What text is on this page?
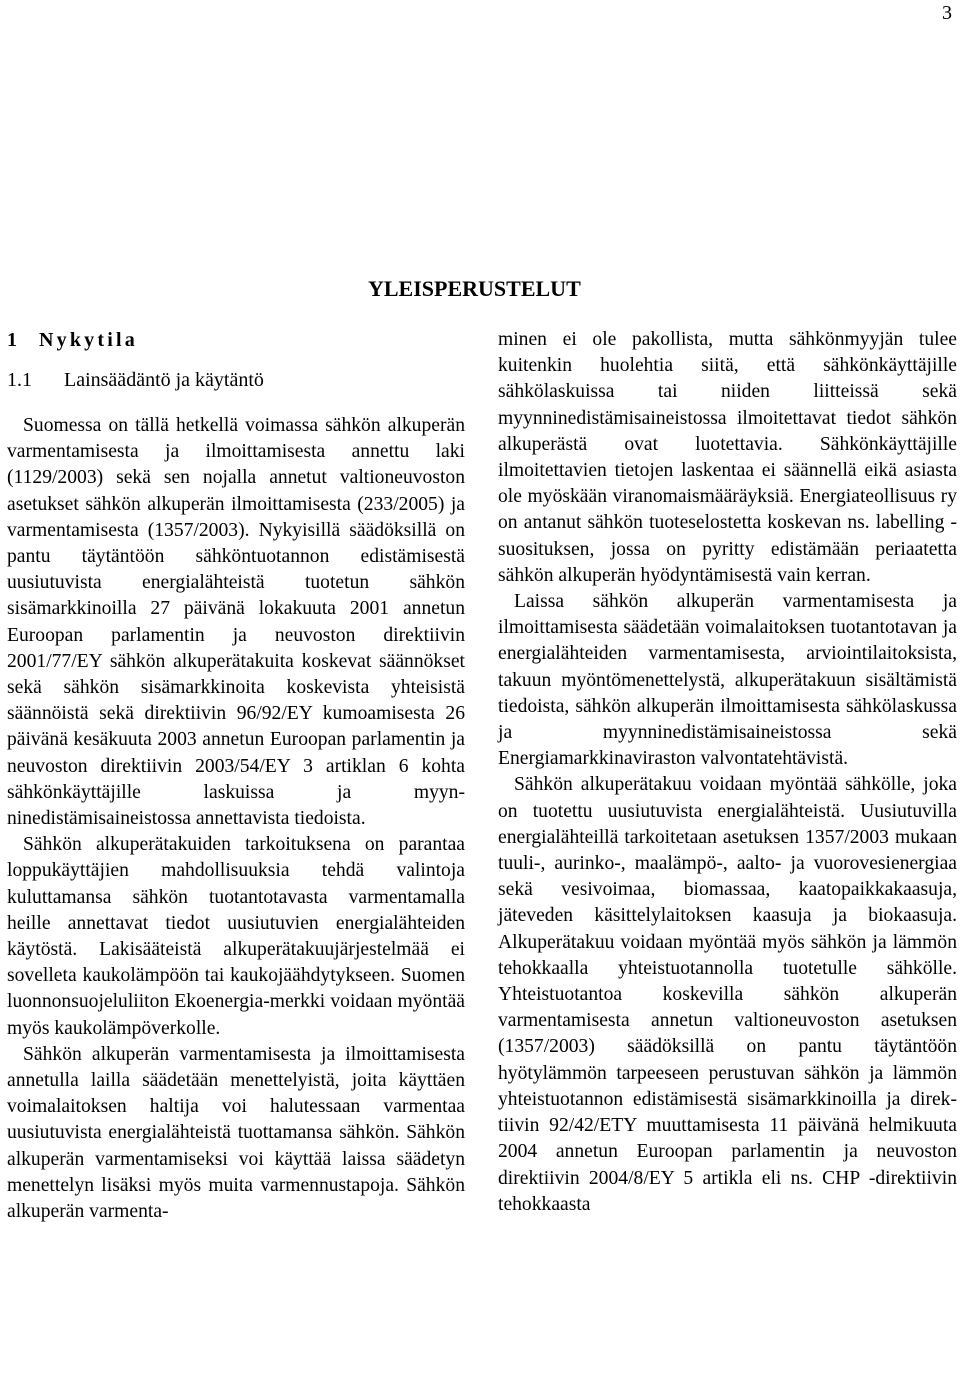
3
YLEISPERUSTELUT
1 Nykytila
1.1 Lainsäädäntö ja käytäntö

Suomessa on tällä hetkellä voimassa sähkön alkuperän varmentamisesta ja ilmoittamisesta annettu laki (1129/2003) sekä sen nojalla annetut valtioneuvoston asetukset sähkön alkuperän ilmoittamisesta (233/2005) ja varmentamisesta (1357/2003). Nykyisillä säädöksillä on pantu täytäntöön sähköntuotannon edistämisestä uusiutuvista energialähteistä tuotetun sähkön sisämarkkinoilla 27 päivänä lokakuuta 2001 annetun Euroopan parlamentin ja neuvoston direktiivin 2001/77/EY sähkön alkuperätakuita koskevat säännökset sekä sähkön sisämarkkinoita koskevista yhteisistä säännöistä sekä direktiivin 96/92/EY kumoamisesta 26 päivänä kesäkuuta 2003 annetun Euroopan parlamentin ja neuvoston direktiivin 2003/54/EY 3 artiklan 6 kohta sähkönkäyttäjille laskuissa ja myynninedistämisaineistossa annettavista tiedoista.

Sähkön alkuperätakuiden tarkoituksena on parantaa loppukäyttäjien mahdollisuuksia tehdä valintoja kuluttamansa sähkön tuotantotavasta varmentamalla heille annettavat tiedot uusiutuvien energialähteiden käytöstä. Lakisääteistä alkuperätakuujärjestelmää ei sovelleta kaukolämpöön tai kaukojäähdytykseen. Suomen luonnonsuojeluliiton Ekoenergia-merkki voidaan myöntää myös kaukolämpöverkolle.

Sähkön alkuperän varmentamisesta ja ilmoittamisesta annetulla lailla säädetään menettelyistä, joita käyttäen voimalaitoksen haltija voi halutessaan varmentaa uusiutuvista energialähteistä tuottamansa sähkön. Sähkön alkuperän varmentamiseksi voi käyttää laissa säädetyn menettelyn lisäksi myös muita varmennustapoja. Sähkön alkuperän varmenta-

minen ei ole pakollista, mutta sähkönmyyjän tulee kuitenkin huolehtia siitä, että sähkönkäyttäjille sähkölaskuissa tai niiden liitteissä sekä myynninedistämisaineistossa ilmoitettavat tiedot sähkön alkuperästä ovat luotettavia. Sähkönkäyttäjille ilmoitettavien tietojen laskentaa ei säännellä eikä asiasta ole myöskään viranomaismääräyksiä. Energiateollisuus ry on antanut sähkön tuoteselostetta koskevan ns. labelling -suosituksen, jossa on pyritty edistämään periaatetta sähkön alkuperän hyödyntämisestä vain kerran.

Laissa sähkön alkuperän varmentamisesta ja ilmoittamisesta säädetään voimalaitoksen tuotantotavan ja energialähteiden varmentamisesta, arviointilaitoksista, takuun myöntömenettelystä, alkuperätakuun sisältämistä tiedoista, sähkön alkuperän ilmoittamisesta sähkölaskussa ja myynninedistämisaineistossa sekä Energiamarkkinaviraston valvontatehtävistä.

Sähkön alkuperätakuu voidaan myöntää sähkölle, joka on tuotettu uusiutuvista energialähteistä. Uusiutuvilla energialähteillä tarkoitetaan asetuksen 1357/2003 mukaan tuuli-, aurinko-, maalämpö-, aalto- ja vuorovesienergiaa sekä vesivoimaa, biomassaa, kaatopaikkakaasuja, jäteveden käsittelylaitoksen kaasuja ja biokaasuja. Alkuperätakuu voidaan myöntää myös sähkön ja lämmön tehokkaalla yhteistuotannolla tuotetulle sähkölle. Yhteistuotantoa koskevilla sähkön alkuperän varmentamisesta annetun valtioneuvoston asetuksen (1357/2003) säädöksillä on pantu täytäntöön hyötylämmön tarpeeseen perustuvan sähkön ja lämmön yhteistuotannon edistämisestä sisämarkkinoilla ja direktiivin 92/42/ETY muuttamisesta 11 päivänä helmikuuta 2004 annetun Euroopan parlamentin ja neuvoston direktiivin 2004/8/EY 5 artikla eli ns. CHP -direktiivin tehokkaasta
